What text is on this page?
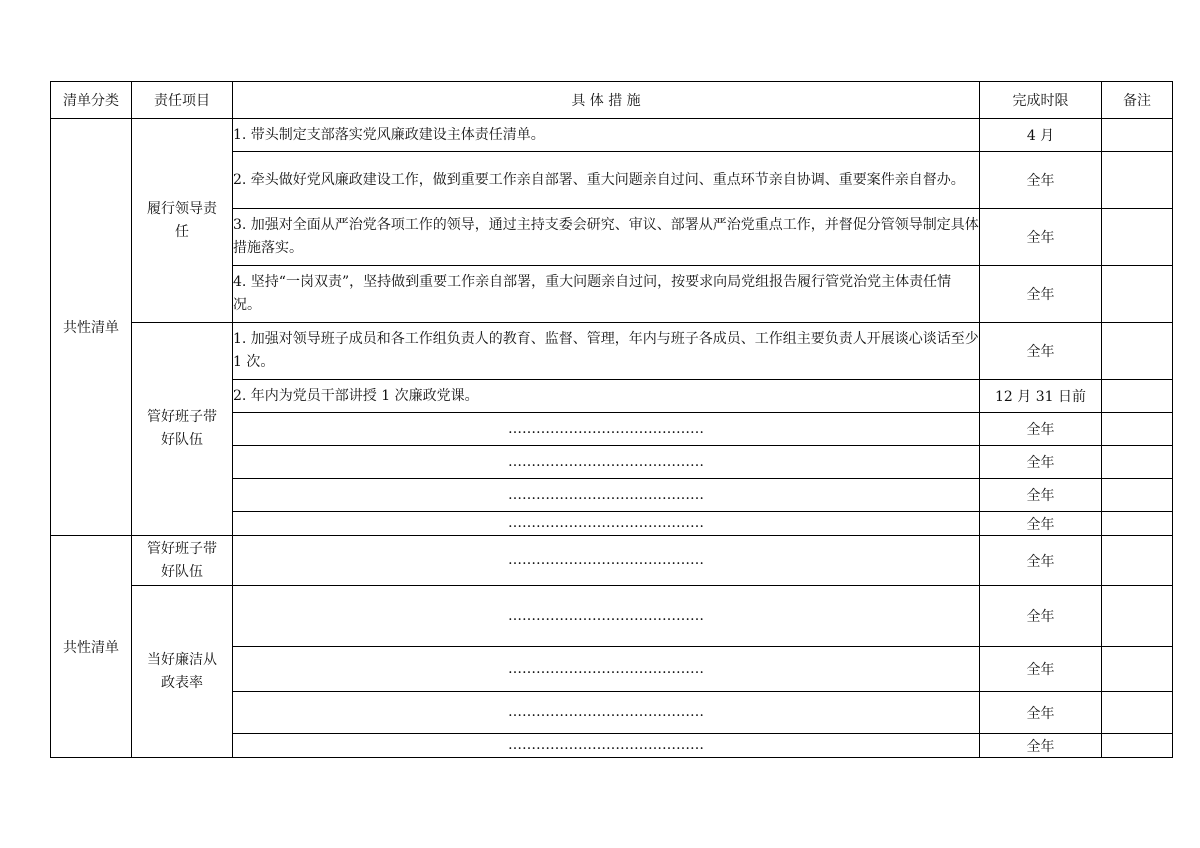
清单分类	责任项目	具 体 措 施	完成时限	备注
共性清单	履行领导责任	1. 带头制定支部落实党风廉政建设主体责任清单。	4 月	
		2. 牵头做好党风廉政建设工作，做到重要工作亲自部署、重大问题亲自过问、重点环节亲自协调、重要案件亲自督办。	全年	
		3. 加强对全面从严治党各项工作的领导，通过主持支委会研究、审议、部署从严治党重点工作，并督促分管领导制定具体措施落实。	全年	
		4. 坚持“一岗双责”，坚持做到重要工作亲自部署，重大问题亲自过问，按要求向局党组报告履行管党治党主体责任情况。	全年	
	管好班子带好队伍	1. 加强对领导班子成员和各工作组负责人的教育、监督、管理，年内与班子各成员、工作组主要负责人开展谈心谈话至少 1 次。	全年	
		2. 年内为党员干部讲授 1 次廉政党课。	12 月 31 日前	
		……………………………………	全年	
		……………………………………	全年	
		……………………………………	全年	
		……………………………………	全年	
共性清单	管好班子带好队伍	……………………………………	全年	
	当好廉洁从政表率	……………………………………	全年	
		……………………………………	全年	
		……………………………………	全年	
		……………………………………	全年	
